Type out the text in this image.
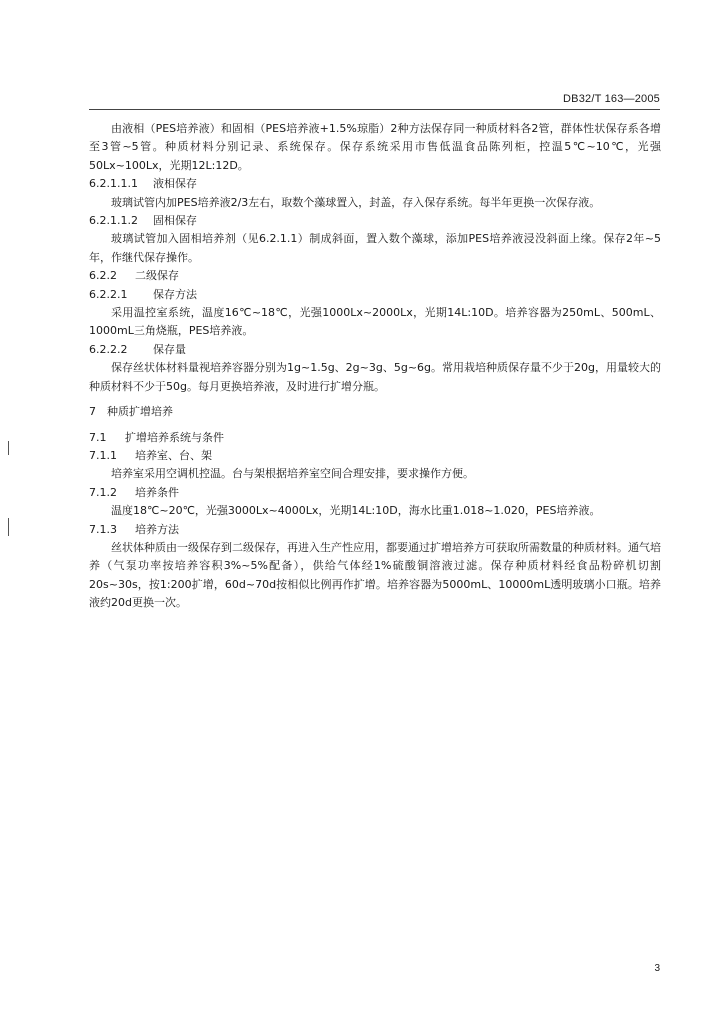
DB32/T 163—2005

由液相（PES培养液）和固相（PES培养液+1.5%琼脂）2种方法保存同一种质材料各2管，群体性状保存系各增至3管~5管。种质材料分别记录、系统保存。保存系统采用市售低温食品陈列柜，控温5℃~10℃，光强50Lx~100Lx，光期12L:12D。

6.2.1.1.1 液相保存

玻璃试管内加PES培养液2/3左右，取数个藻球置入，封盖，存入保存系统。每半年更换一次保存液。

6.2.1.1.2 固相保存

玻璃试管加入固相培养剂（见6.2.1.1）制成斜面，置入数个藻球，添加PES培养液浸没斜面上缘。保存2年~5年，作继代保存操作。

6.2.2 二级保存

6.2.2.1 保存方法

采用温控室系统，温度16℃~18℃，光强1000Lx~2000Lx，光期14L:10D。培养容器为250mL、500mL、1000mL三角烧瓶，PES培养液。

6.2.2.2 保存量

保存丝状体材料量视培养容器分别为1g~1.5g、2g~3g、5g~6g。常用栽培种质保存量不少于20g，用量较大的种质材料不少于50g。每月更换培养液，及时进行扩增分瓶。

7 种质扩增培养

7.1 扩增培养系统与条件

7.1.1 培养室、台、架

培养室采用空调机控温。台与架根据培养室空间合理安排，要求操作方便。

7.1.2 培养条件

温度18℃~20℃，光强3000Lx~4000Lx，光期14L:10D，海水比重1.018~1.020，PES培养液。

7.1.3 培养方法

丝状体种质由一级保存到二级保存，再进入生产性应用，都要通过扩增培养方可获取所需数量的种质材料。通气培养（气泵功率按培养容积3%~5%配备），供给气体经1%硫酸铜溶液过滤。保存种质材料经食品粉碎机切割20s~30s，按1:200扩增，60d~70d按相似比例再作扩增。培养容器为5000mL、10000mL透明玻璃小口瓶。培养液约20d更换一次。

3
